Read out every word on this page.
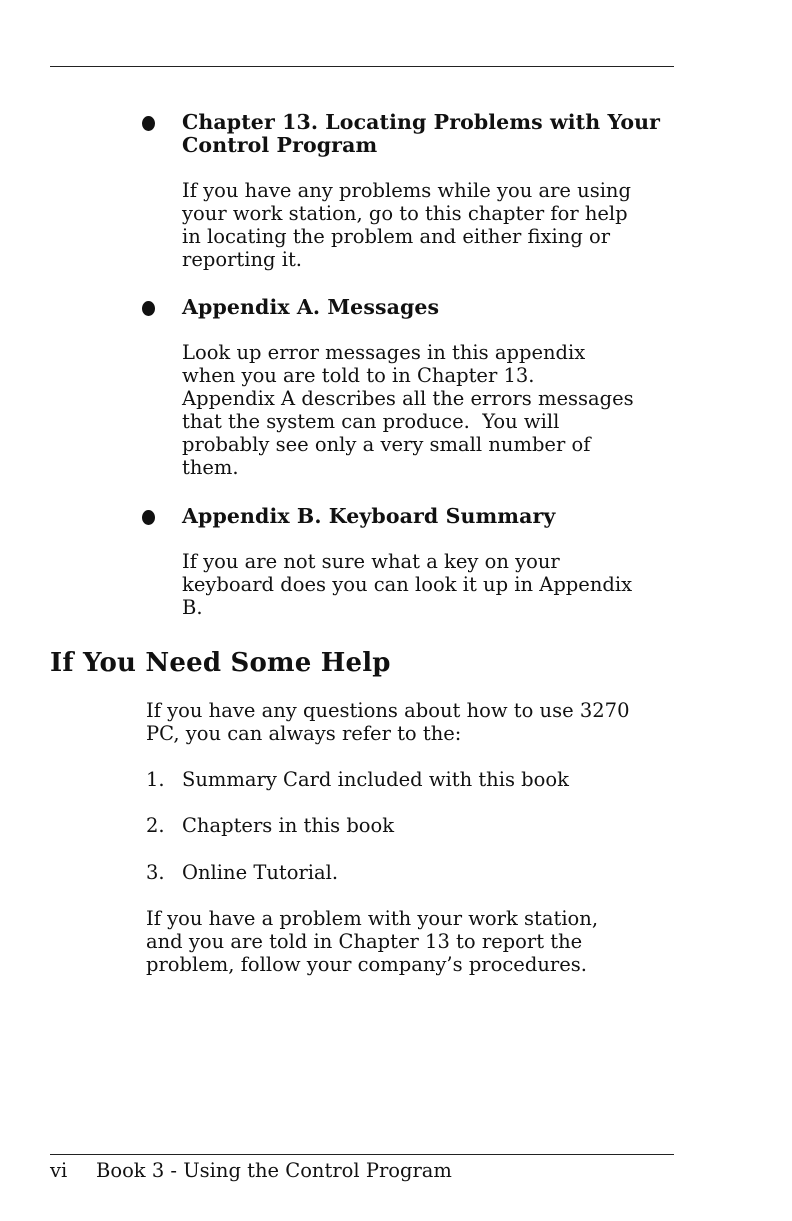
Chapter 13. Locating Problems with Your
Control Program
If you have any problems while you are using
your work station, go to this chapter for help
in locating the problem and either fixing or
reporting it.
Appendix A. Messages
Look up error messages in this appendix
when you are told to in Chapter 13.
Appendix A describes all the errors messages
that the system can produce.  You will
probably see only a very small number of
them.
Appendix B. Keyboard Summary
If you are not sure what a key on your
keyboard does you can look it up in Appendix
B.
If You Need Some Help
If you have any questions about how to use 3270
PC, you can always refer to the:
1. Summary Card included with this book
2. Chapters in this book
3. Online Tutorial.
If you have a problem with your work station,
and you are told in Chapter 13 to report the
problem, follow your company’s procedures.
vi Book 3 - Using the Control Program
